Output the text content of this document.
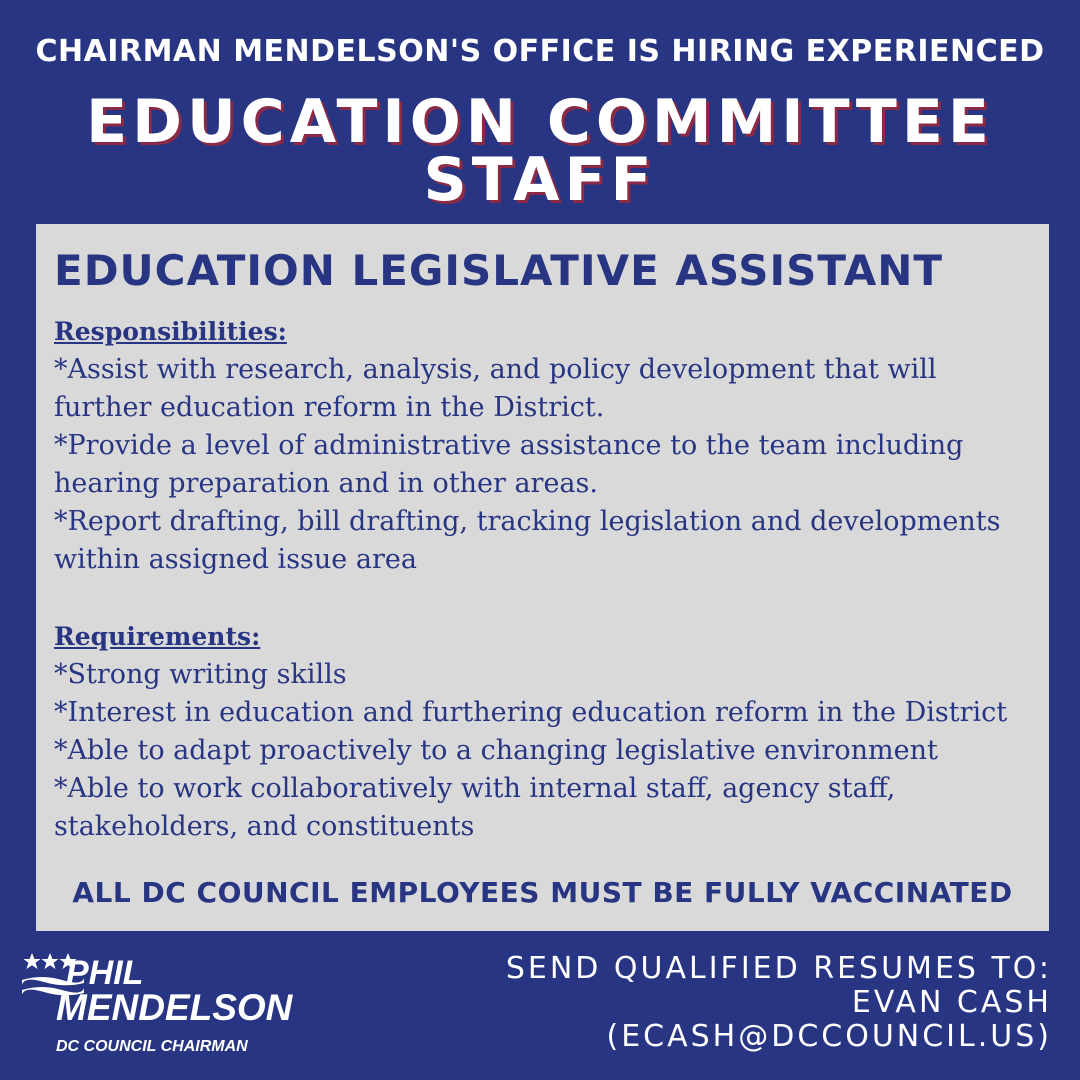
CHAIRMAN MENDELSON'S OFFICE IS HIRING EXPERIENCED
EDUCATION COMMITTEE
STAFF
EDUCATION LEGISLATIVE ASSISTANT
Responsibilities:
*Assist with research, analysis, and policy development that will
further education reform in the District.
*Provide a level of administrative assistance to the team including
hearing preparation and in other areas.
*Report drafting, bill drafting, tracking legislation and developments
within assigned issue area
Requirements:
*Strong writing skills
*Interest in education and furthering education reform in the District
*Able to adapt proactively to a changing legislative environment
*Able to work collaboratively with internal staff, agency staff,
stakeholders, and constituents
ALL DC COUNCIL EMPLOYEES MUST BE FULLY VACCINATED
PHIL
MENDELSON
DC COUNCIL CHAIRMAN
SEND QUALIFIED RESUMES TO:
EVAN CASH
(ECASH@DCCOUNCIL.US)
